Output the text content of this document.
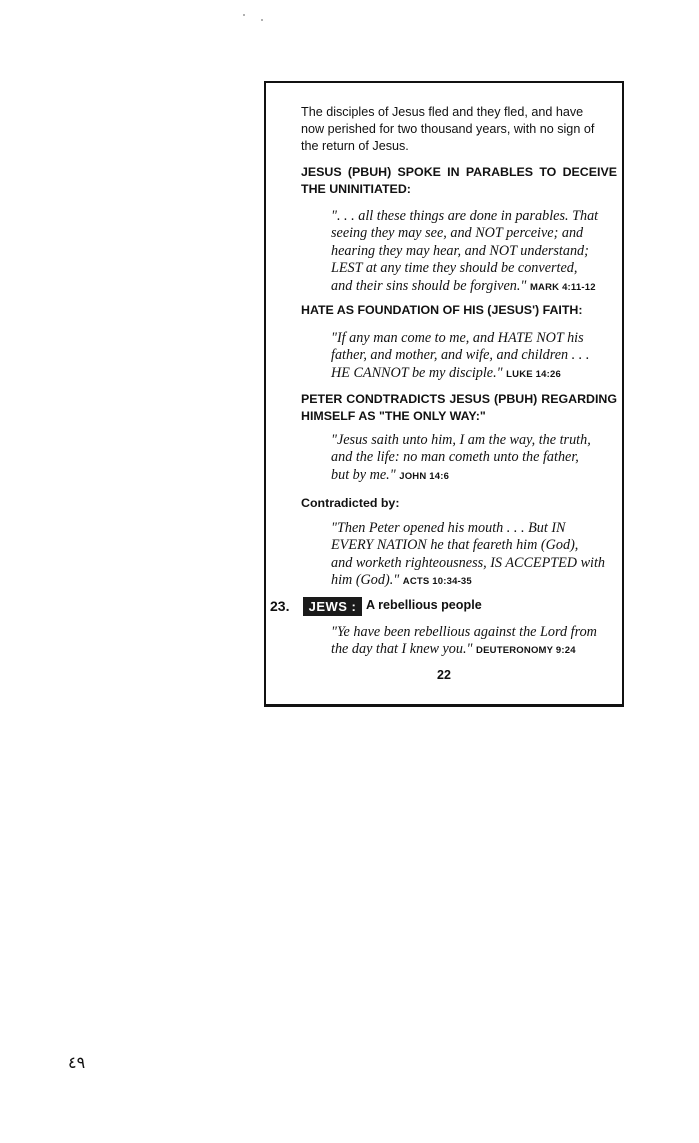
The disciples of Jesus fled and they fled, and have
now perished for two thousand years, with no sign of
the return of Jesus.
JESUS (PBUH) SPOKE IN PARABLES TO DECEIVE THE UNINITIATED:
". . . all these things are done in parables. That
seeing they may see, and NOT perceive; and
hearing they may hear, and NOT understand;
LEST at any time they should be converted,
and their sins should be forgiven." MARK 4:11-12
HATE AS FOUNDATION OF HIS (JESUS') FAITH:
"If any man come to me, and HATE NOT his
father, and mother, and wife, and children . . .
HE CANNOT be my disciple." LUKE 14:26
PETER CONDTRADICTS JESUS (PBUH) REGARDING HIMSELF AS "THE ONLY WAY:"
"Jesus saith unto him, I am the way, the truth,
and the life: no man cometh unto the father,
but by me." JOHN 14:6
Contradicted by:
"Then Peter opened his mouth . . . But IN
EVERY NATION he that feareth him (God),
and worketh righteousness, IS ACCEPTED with
him (God)." ACTS 10:34-35
23.	JEWS : A rebellious people
"Ye have been rebellious against the Lord from
the day that I knew you." DEUTERONOMY 9:24
22
٤٩
